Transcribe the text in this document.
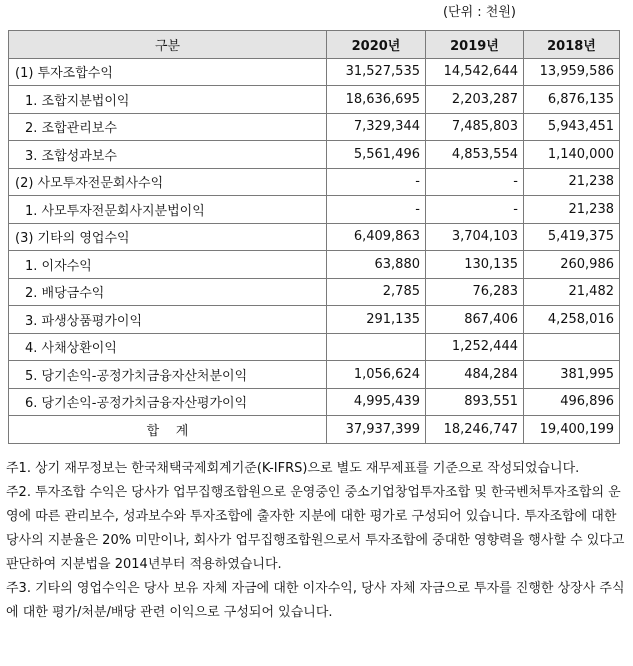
(단위 : 천원)
구분	2020년	2019년	2018년
(1) 투자조합수익	31,527,535	14,542,644	13,959,586
1. 조합지분법이익	18,636,695	2,203,287	6,876,135
2. 조합관리보수	7,329,344	7,485,803	5,943,451
3. 조합성과보수	5,561,496	4,853,554	1,140,000
(2) 사모투자전문회사수익	-	-	21,238
1. 사모투자전문회사지분법이익	-	-	21,238
(3) 기타의 영업수익	6,409,863	3,704,103	5,419,375
1. 이자수익	63,880	130,135	260,986
2. 배당금수익	2,785	76,283	21,482
3. 파생상품평가이익	291,135	867,406	4,258,016
4. 사채상환이익		1,252,444	
5. 당기손익-공정가치금융자산처분이익	1,056,624	484,284	381,995
6. 당기손익-공정가치금융자산평가이익	4,995,439	893,551	496,896
합    계	37,937,399	18,246,747	19,400,199

주1. 상기 재무정보는 한국채택국제회계기준(K-IFRS)으로 별도 재무제표를 기준으로 작성되었습니다.

주2. 투자조합 수익은 당사가 업무집행조합원으로 운영중인 중소기업창업투자조합 및 한국벤처투자조합의 운영에 따른 관리보수, 성과보수와 투자조합에 출자한 지분에 대한 평가로 구성되어 있습니다. 투자조합에 대한 당사의 지분율은 20% 미만이나, 회사가 업무집행조합원으로서 투자조합에 중대한 영향력을 행사할 수 있다고 판단하여 지분법을 2014년부터 적용하였습니다.

주3. 기타의 영업수익은 당사 보유 자체 자금에 대한 이자수익, 당사 자체 자금으로 투자를 진행한 상장사 주식에 대한 평가/처분/배당 관련 이익으로 구성되어 있습니다.
